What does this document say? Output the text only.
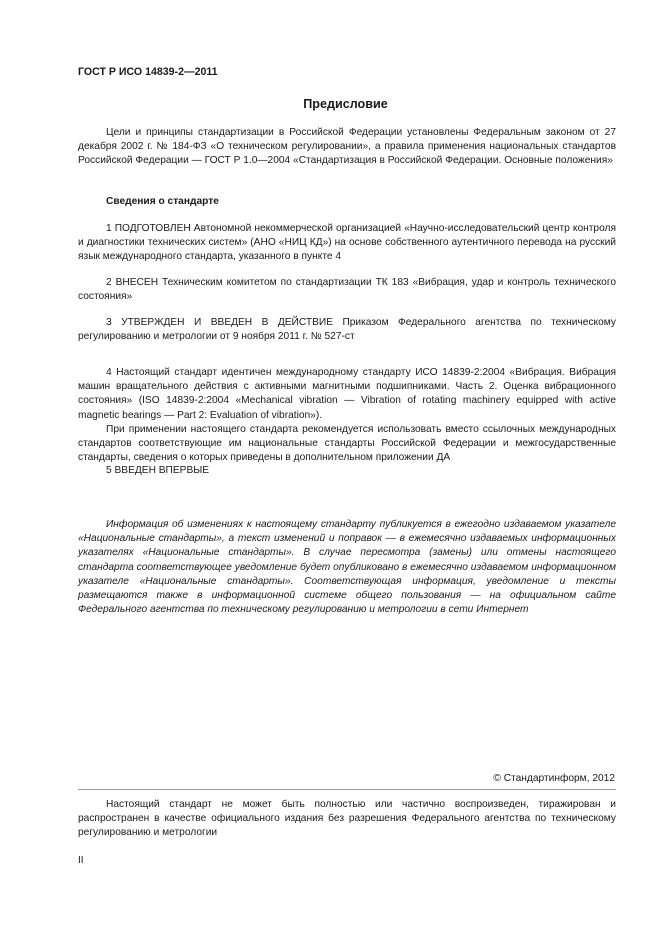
ГОСТ Р ИСО 14839-2—2011
Предисловие
Цели и принципы стандартизации в Российской Федерации установлены Федеральным законом от 27 декабря 2002 г. № 184-ФЗ «О техническом регулировании», а правила применения национальных стандартов Российской Федерации — ГОСТ Р 1.0—2004 «Стандартизация в Российской Федерации. Основные положения»
Сведения о стандарте
1 ПОДГОТОВЛЕН Автономной некоммерческой организацией «Научно-исследовательский центр контроля и диагностики технических систем» (АНО «НИЦ КД») на основе собственного аутентичного перевода на русский язык международного стандарта, указанного в пункте 4
2 ВНЕСЕН Техническим комитетом по стандартизации ТК 183 «Вибрация, удар и контроль технического состояния»
3 УТВЕРЖДЕН И ВВЕДЕН В ДЕЙСТВИЕ Приказом Федерального агентства по техническому регулированию и метрологии от 9 ноября 2011 г. № 527-ст
4 Настоящий стандарт идентичен международному стандарту ИСО 14839-2:2004 «Вибрация. Вибрация машин вращательного действия с активными магнитными подшипниками. Часть 2. Оценка вибрационного состояния» (ISO 14839-2:2004 «Mechanical vibration — Vibration of rotating machinery equipped with active magnetic bearings — Part 2: Evaluation of vibration»).
При применении настоящего стандарта рекомендуется использовать вместо ссылочных международных стандартов соответствующие им национальные стандарты Российской Федерации и межгосударственные стандарты, сведения о которых приведены в дополнительном приложении ДА
5 ВВЕДЕН ВПЕРВЫЕ
Информация об изменениях к настоящему стандарту публикуется в ежегодно издаваемом указателе «Национальные стандарты», а текст изменений и поправок — в ежемесячно издаваемых информационных указателях «Национальные стандарты». В случае пересмотра (замены) или отмены настоящего стандарта соответствующее уведомление будет опубликовано в ежемесячно издаваемом информационном указателе «Национальные стандарты». Соответствующая информация, уведомление и тексты размещаются также в информационной системе общего пользования — на официальном сайте Федерального агентства по техническому регулированию и метрологии в сети Интернет
© Стандартинформ, 2012
Настоящий стандарт не может быть полностью или частично воспроизведен, тиражирован и распространен в качестве официального издания без разрешения Федерального агентства по техническому регулированию и метрологии
II
